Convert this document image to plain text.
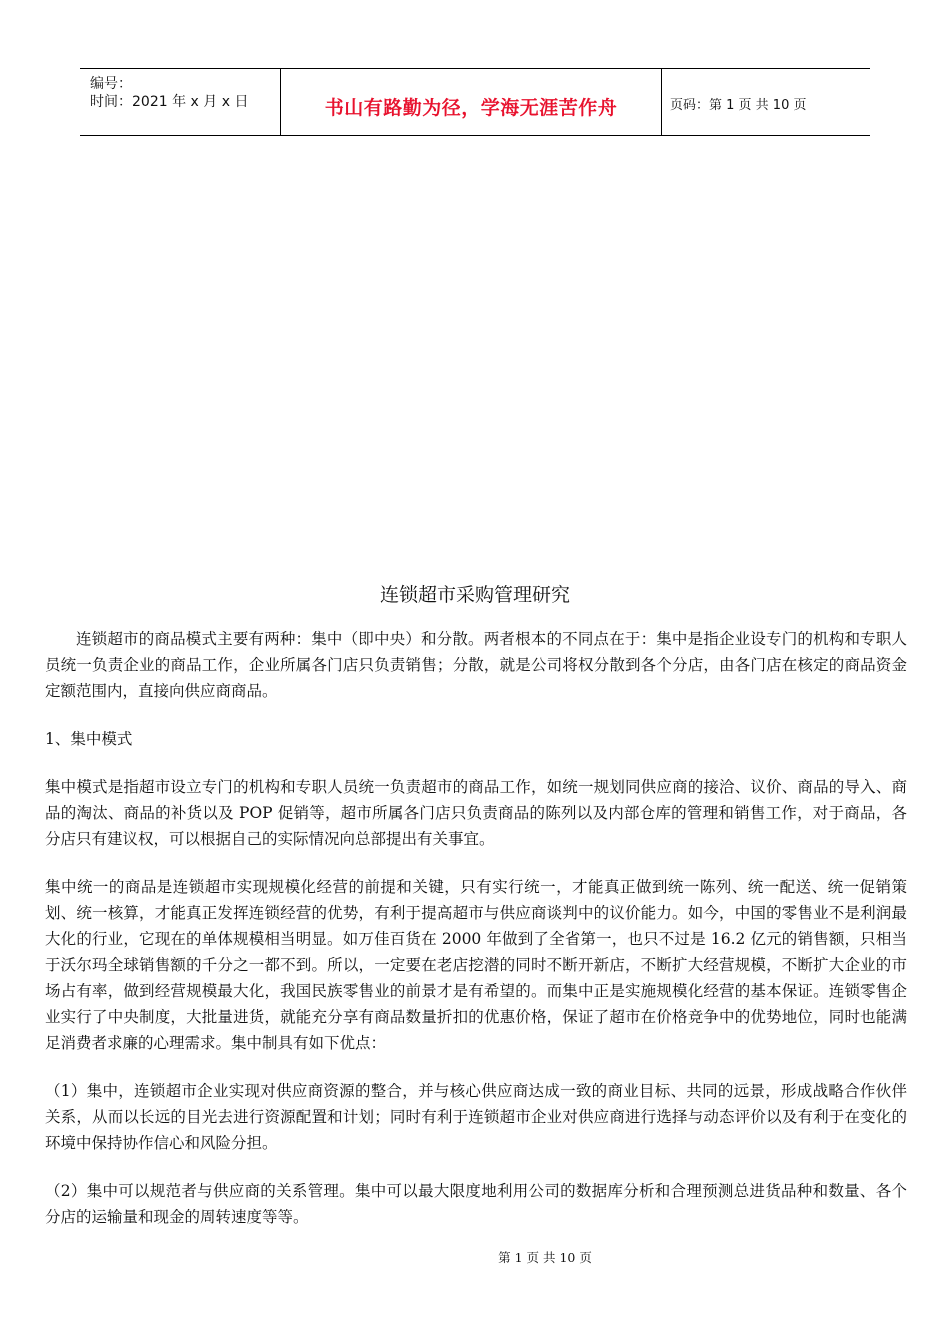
编号：
时间：2021 年 x 月 x 日	书山有路勤为径，学海无涯苦作舟	页码：第 1 页 共 10 页
连锁超市采购管理研究

连锁超市的商品模式主要有两种：集中（即中央）和分散。两者根本的不同点在于：集中是指企业设专门的机构和专职人员统一负责企业的商品工作，企业所属各门店只负责销售；分散，就是公司将权分散到各个分店，由各门店在核定的商品资金定额范围内，直接向供应商商品。

1、集中模式

集中模式是指超市设立专门的机构和专职人员统一负责超市的商品工作，如统一规划同供应商的接洽、议价、商品的导入、商品的淘汰、商品的补货以及 POP 促销等，超市所属各门店只负责商品的陈列以及内部仓库的管理和销售工作，对于商品，各分店只有建议权，可以根据自己的实际情况向总部提出有关事宜。

集中统一的商品是连锁超市实现规模化经营的前提和关键，只有实行统一，才能真正做到统一陈列、统一配送、统一促销策划、统一核算，才能真正发挥连锁经营的优势，有利于提高超市与供应商谈判中的议价能力。如今，中国的零售业不是利润最大化的行业，它现在的单体规模相当明显。如万佳百货在 2000 年做到了全省第一，也只不过是 16.2 亿元的销售额，只相当于沃尔玛全球销售额的千分之一都不到。所以，一定要在老店挖潜的同时不断开新店，不断扩大经营规模，不断扩大企业的市场占有率，做到经营规模最大化，我国民族零售业的前景才是有希望的。而集中正是实施规模化经营的基本保证。连锁零售企业实行了中央制度，大批量进货，就能充分享有商品数量折扣的优惠价格，保证了超市在价格竞争中的优势地位，同时也能满足消费者求廉的心理需求。集中制具有如下优点：

（1）集中，连锁超市企业实现对供应商资源的整合，并与核心供应商达成一致的商业目标、共同的远景，形成战略合作伙伴关系，从而以长远的目光去进行资源配置和计划；同时有利于连锁超市企业对供应商进行选择与动态评价以及有利于在变化的环境中保持协作信心和风险分担。

（2）集中可以规范者与供应商的关系管理。集中可以最大限度地利用公司的数据库分析和合理预测总进货品种和数量、各个分店的运输量和现金的周转速度等等。

第 1 页 共 10 页
